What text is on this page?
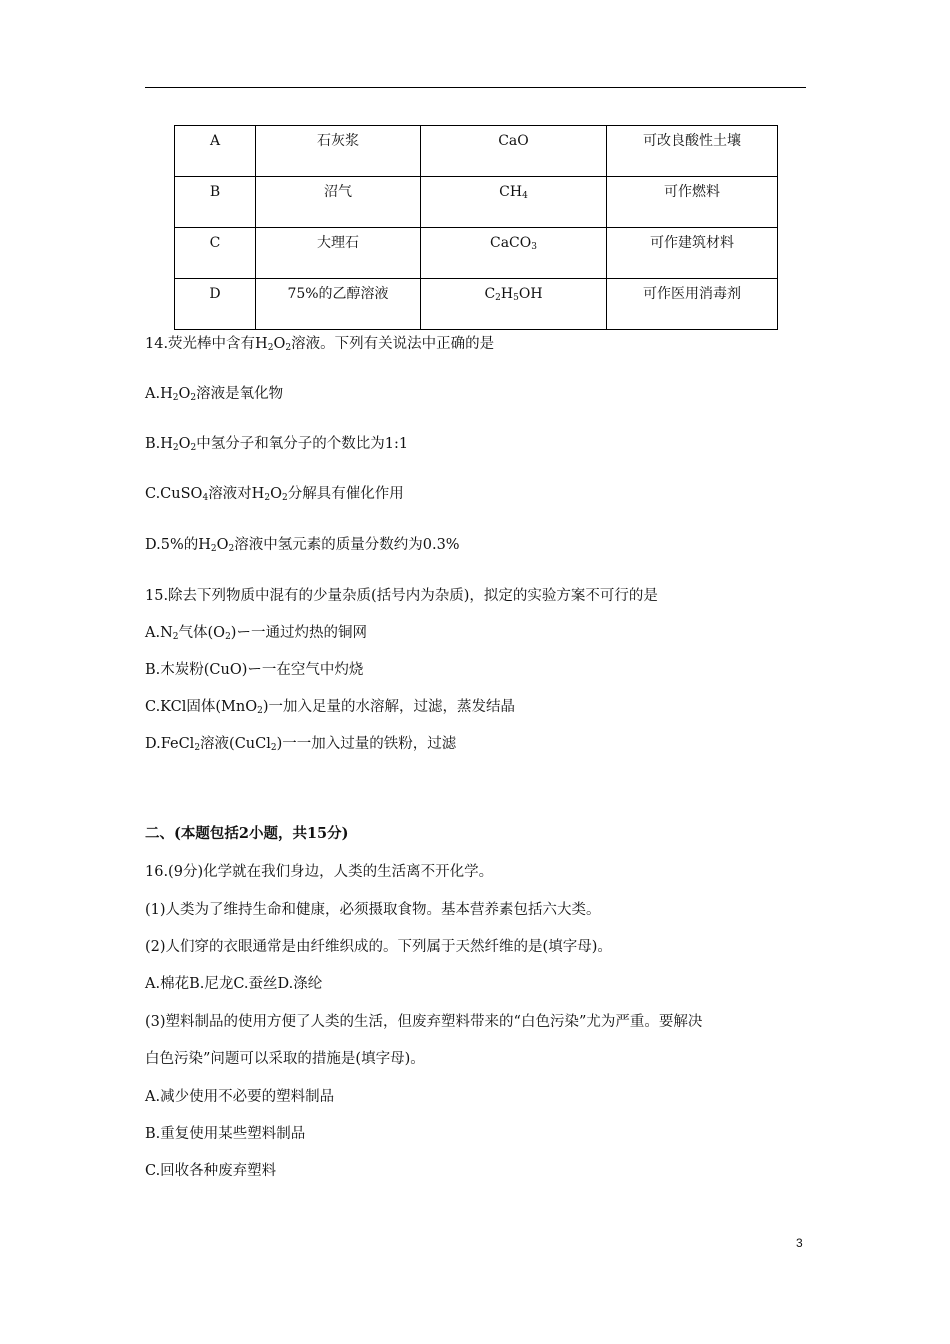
A	石灰浆	CaO	可改良酸性土壤

B	沼气	$CH_4$	可作燃料

C	大理石	CaCO$_3$	可作建筑材料

D	75%的乙醇溶液	$C_2H_5OH$	可作医用消毒剂
14.荧光棒中含有$H_2O_2$溶液。下列有关说法中正确的是
$A.H_2O_2$溶液是氧化物
$B.H_2O_2$中氢分子和氧分子的个数比为1:1
C.CuSO$_4$溶液对$H_2O_2$分解具有催化作用
D.5%的$H_2O_2$溶液中氢元素的质量分数约为0.3%
15.除去下列物质中混有的少量杂质(括号内为杂质)，拟定的实验方案不可行的是
$A.N_2$气体$(O_2)$ー一通过灼热的铜网
B.木炭粉(CuO)ー一在空气中灼烧
C.KCl固体(MnO$_2$)一加入足量的水溶解，过滤，蒸发结晶
D.FeCl$_2$溶液(CuCl$_2$)一一加入过量的铁粉，过滤
二、(本题包括2小题，共15分)
16.(9分)化学就在我们身边，人类的生活离不开化学。
(1)人类为了维持生命和健康，必须摄取食物。基本营养素包括六大类。
(2)人们穿的衣眼通常是由纤维织成的。下列属于天然纤维的是(填字母)。
A.棉花B.尼龙C.蚕丝D.涤纶
(3)塑料制品的使用方便了人类的生活，但废弃塑料带来的“白色污染”尤为严重。要解决
白色污染”问题可以采取的措施是(填字母)。
A.减少使用不必要的塑料制品
B.重复使用某些塑料制品
C.回收各种废弃塑料
3
